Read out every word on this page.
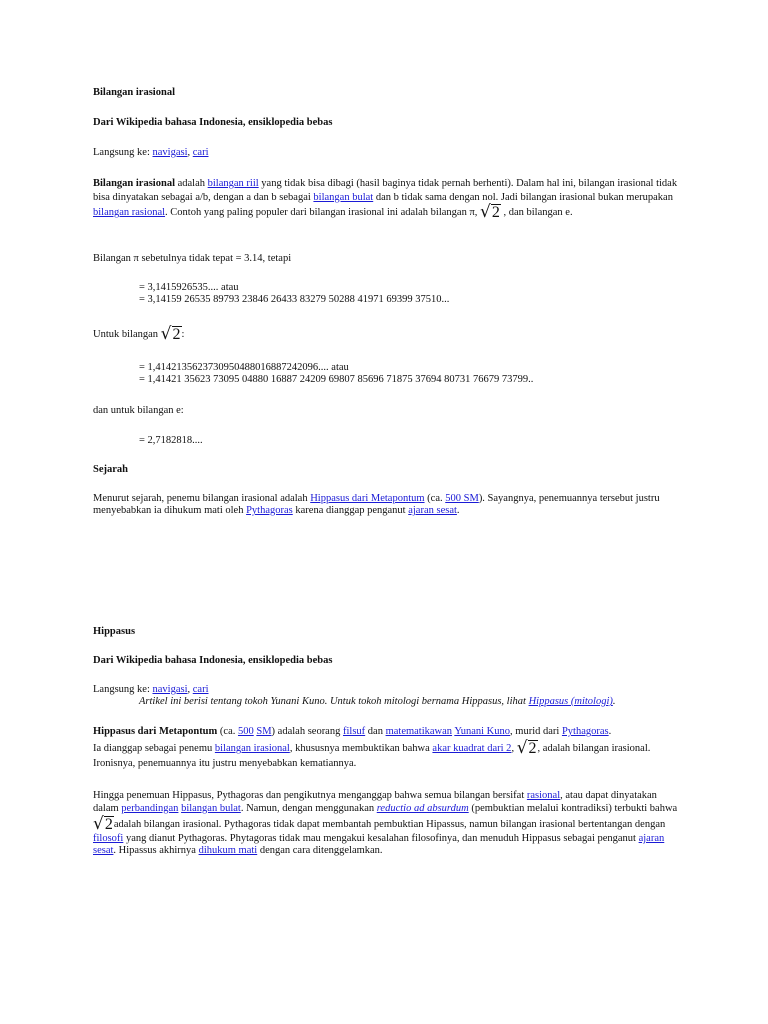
Bilangan irasional
Dari Wikipedia bahasa Indonesia, ensiklopedia bebas
Langsung ke: navigasi, cari
Bilangan irasional adalah bilangan riil yang tidak bisa dibagi (hasil baginya tidak pernah berhenti). Dalam hal ini, bilangan irasional tidak bisa dinyatakan sebagai a/b, dengan a dan b sebagai bilangan bulat dan b tidak sama dengan nol. Jadi bilangan irasional bukan merupakan bilangan rasional. Contoh yang paling populer dari bilangan irasional ini adalah bilangan π, √2 , dan bilangan e.
Bilangan π sebetulnya tidak tepat = 3.14, tetapi
= 3,1415926535.... atau
= 3,14159 26535 89793 23846 26433 83279 50288 41971 69399 37510...
Untuk bilangan √2:
= 1,4142135623730950488016887242096.... atau
= 1,41421 35623 73095 04880 16887 24209 69807 85696 71875 37694 80731 76679 73799..
dan untuk bilangan e:
= 2,7182818....
Sejarah
Menurut sejarah, penemu bilangan irasional adalah Hippasus dari Metapontum (ca. 500 SM). Sayangnya, penemuannya tersebut justru menyebabkan ia dihukum mati oleh Pythagoras karena dianggap penganut ajaran sesat.
Hippasus
Dari Wikipedia bahasa Indonesia, ensiklopedia bebas
Langsung ke: navigasi, cari
Artikel ini berisi tentang tokoh Yunani Kuno. Untuk tokoh mitologi bernama Hippasus, lihat Hippasus (mitologi).
Hippasus dari Metapontum (ca. 500 SM) adalah seorang filsuf dan matematikawan Yunani Kuno, murid dari Pythagoras.
Ia dianggap sebagai penemu bilangan irasional, khususnya membuktikan bahwa akar kuadrat dari 2, √2, adalah bilangan irasional. Ironisnya, penemuannya itu justru menyebabkan kematiannya.
Hingga penemuan Hippasus, Pythagoras dan pengikutnya menganggap bahwa semua bilangan bersifat rasional, atau dapat dinyatakan dalam perbandingan bilangan bulat. Namun, dengan menggunakan reductio ad absurdum (pembuktian melalui kontradiksi) terbukti bahwa √2adalah bilangan irasional. Pythagoras tidak dapat membantah pembuktian Hipassus, namun bilangan irasional bertentangan dengan filosofi yang dianut Pythagoras. Phytagoras tidak mau mengakui kesalahan filosofinya, dan menuduh Hippasus sebagai penganut ajaran sesat. Hipassus akhirnya dihukum mati dengan cara ditenggelamkan.
